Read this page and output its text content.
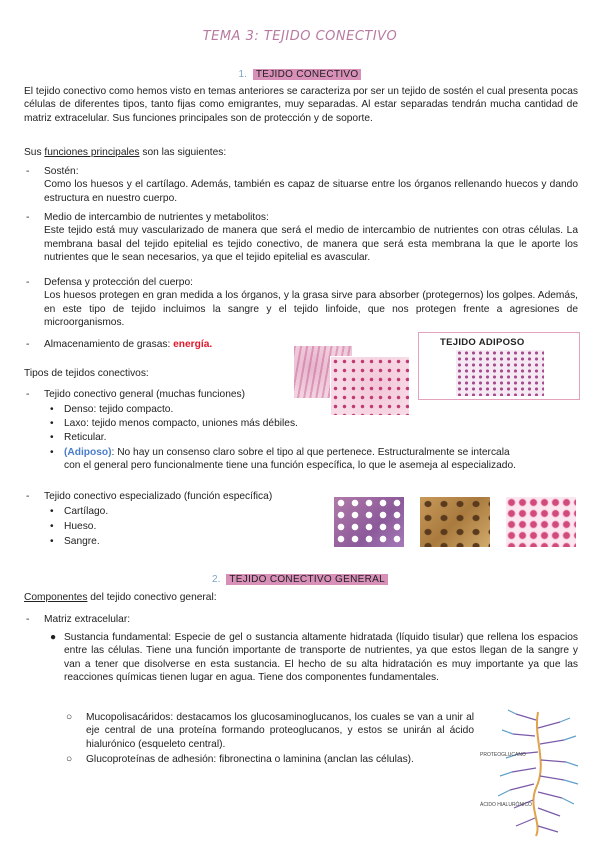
TEMA 3: TEJIDO CONECTIVO
1. TEJIDO CONECTIVO

El tejido conectivo como hemos visto en temas anteriores se caracteriza por ser un tejido de sostén el cual presenta pocas células de diferentes tipos, tanto fijas como emigrantes, muy separadas. Al estar separadas tendrán mucha cantidad de matriz extracelular. Sus funciones principales son de protección y de soporte.

Sus funciones principales son las siguientes:

- Sostén:

Como los huesos y el cartílago. Además, también es capaz de situarse entre los órganos rellenando huecos y dando estructura en nuestro cuerpo.

- Medio de intercambio de nutrientes y metabolitos:

Este tejido está muy vascularizado de manera que será el medio de intercambio de nutrientes con otras células. La membrana basal del tejido epitelial es tejido conectivo, de manera que será esta membrana la que le aporte los nutrientes que le sean necesarios, ya que el tejido epitelial es avascular.

- Defensa y protección del cuerpo:

Los huesos protegen en gran medida a los órganos, y la grasa sirve para absorber (protegernos) los golpes. Además, en este tipo de tejido incluimos la sangre y el tejido linfoide, que nos protegen frente a agresiones de microorganismos.

- Almacenamiento de grasas: energía.	TEJIDO ADIPOSO

Tipos de tejidos conectivos:

- Tejido conectivo general (muchas funciones)

• Denso: tejido compacto.

• Laxo: tejido menos compacto, uniones más débiles.

• Reticular.

• (Adiposo): No hay un consenso claro sobre el tipo al que pertenece. Estructuralmente se intercala con el general pero funcionalmente tiene una función específica, lo que le asemeja al especializado.

- Tejido conectivo especializado (función específica)

• Cartílago.

• Hueso.

• Sangre.

2. TEJIDO CONECTIVO GENERAL

Componentes del tejido conectivo general:

- Matriz extracelular:

● Sustancia fundamental: Especie de gel o sustancia altamente hidratada (líquido tisular) que rellena los espacios entre las células. Tiene una función importante de transporte de nutrientes, ya que estos llegan de la sangre y van a tener que disolverse en esta sustancia. El hecho de su alta hidratación es muy importante ya que las reacciones químicas tienen lugar en agua. Tiene dos componentes fundamentales.

○ Mucopolisacáridos: destacamos los glucosaminoglucanos, los cuales se van a unir al eje central de una proteína formando proteoglucanos, y estos se unirán al ácido hialurónico (esqueleto central).

○ Glucoproteínas de adhesión: fibronectina o laminina (anclan las células).	PROTEOGLUCANO
ÁCIDO HIALURÓNICO
